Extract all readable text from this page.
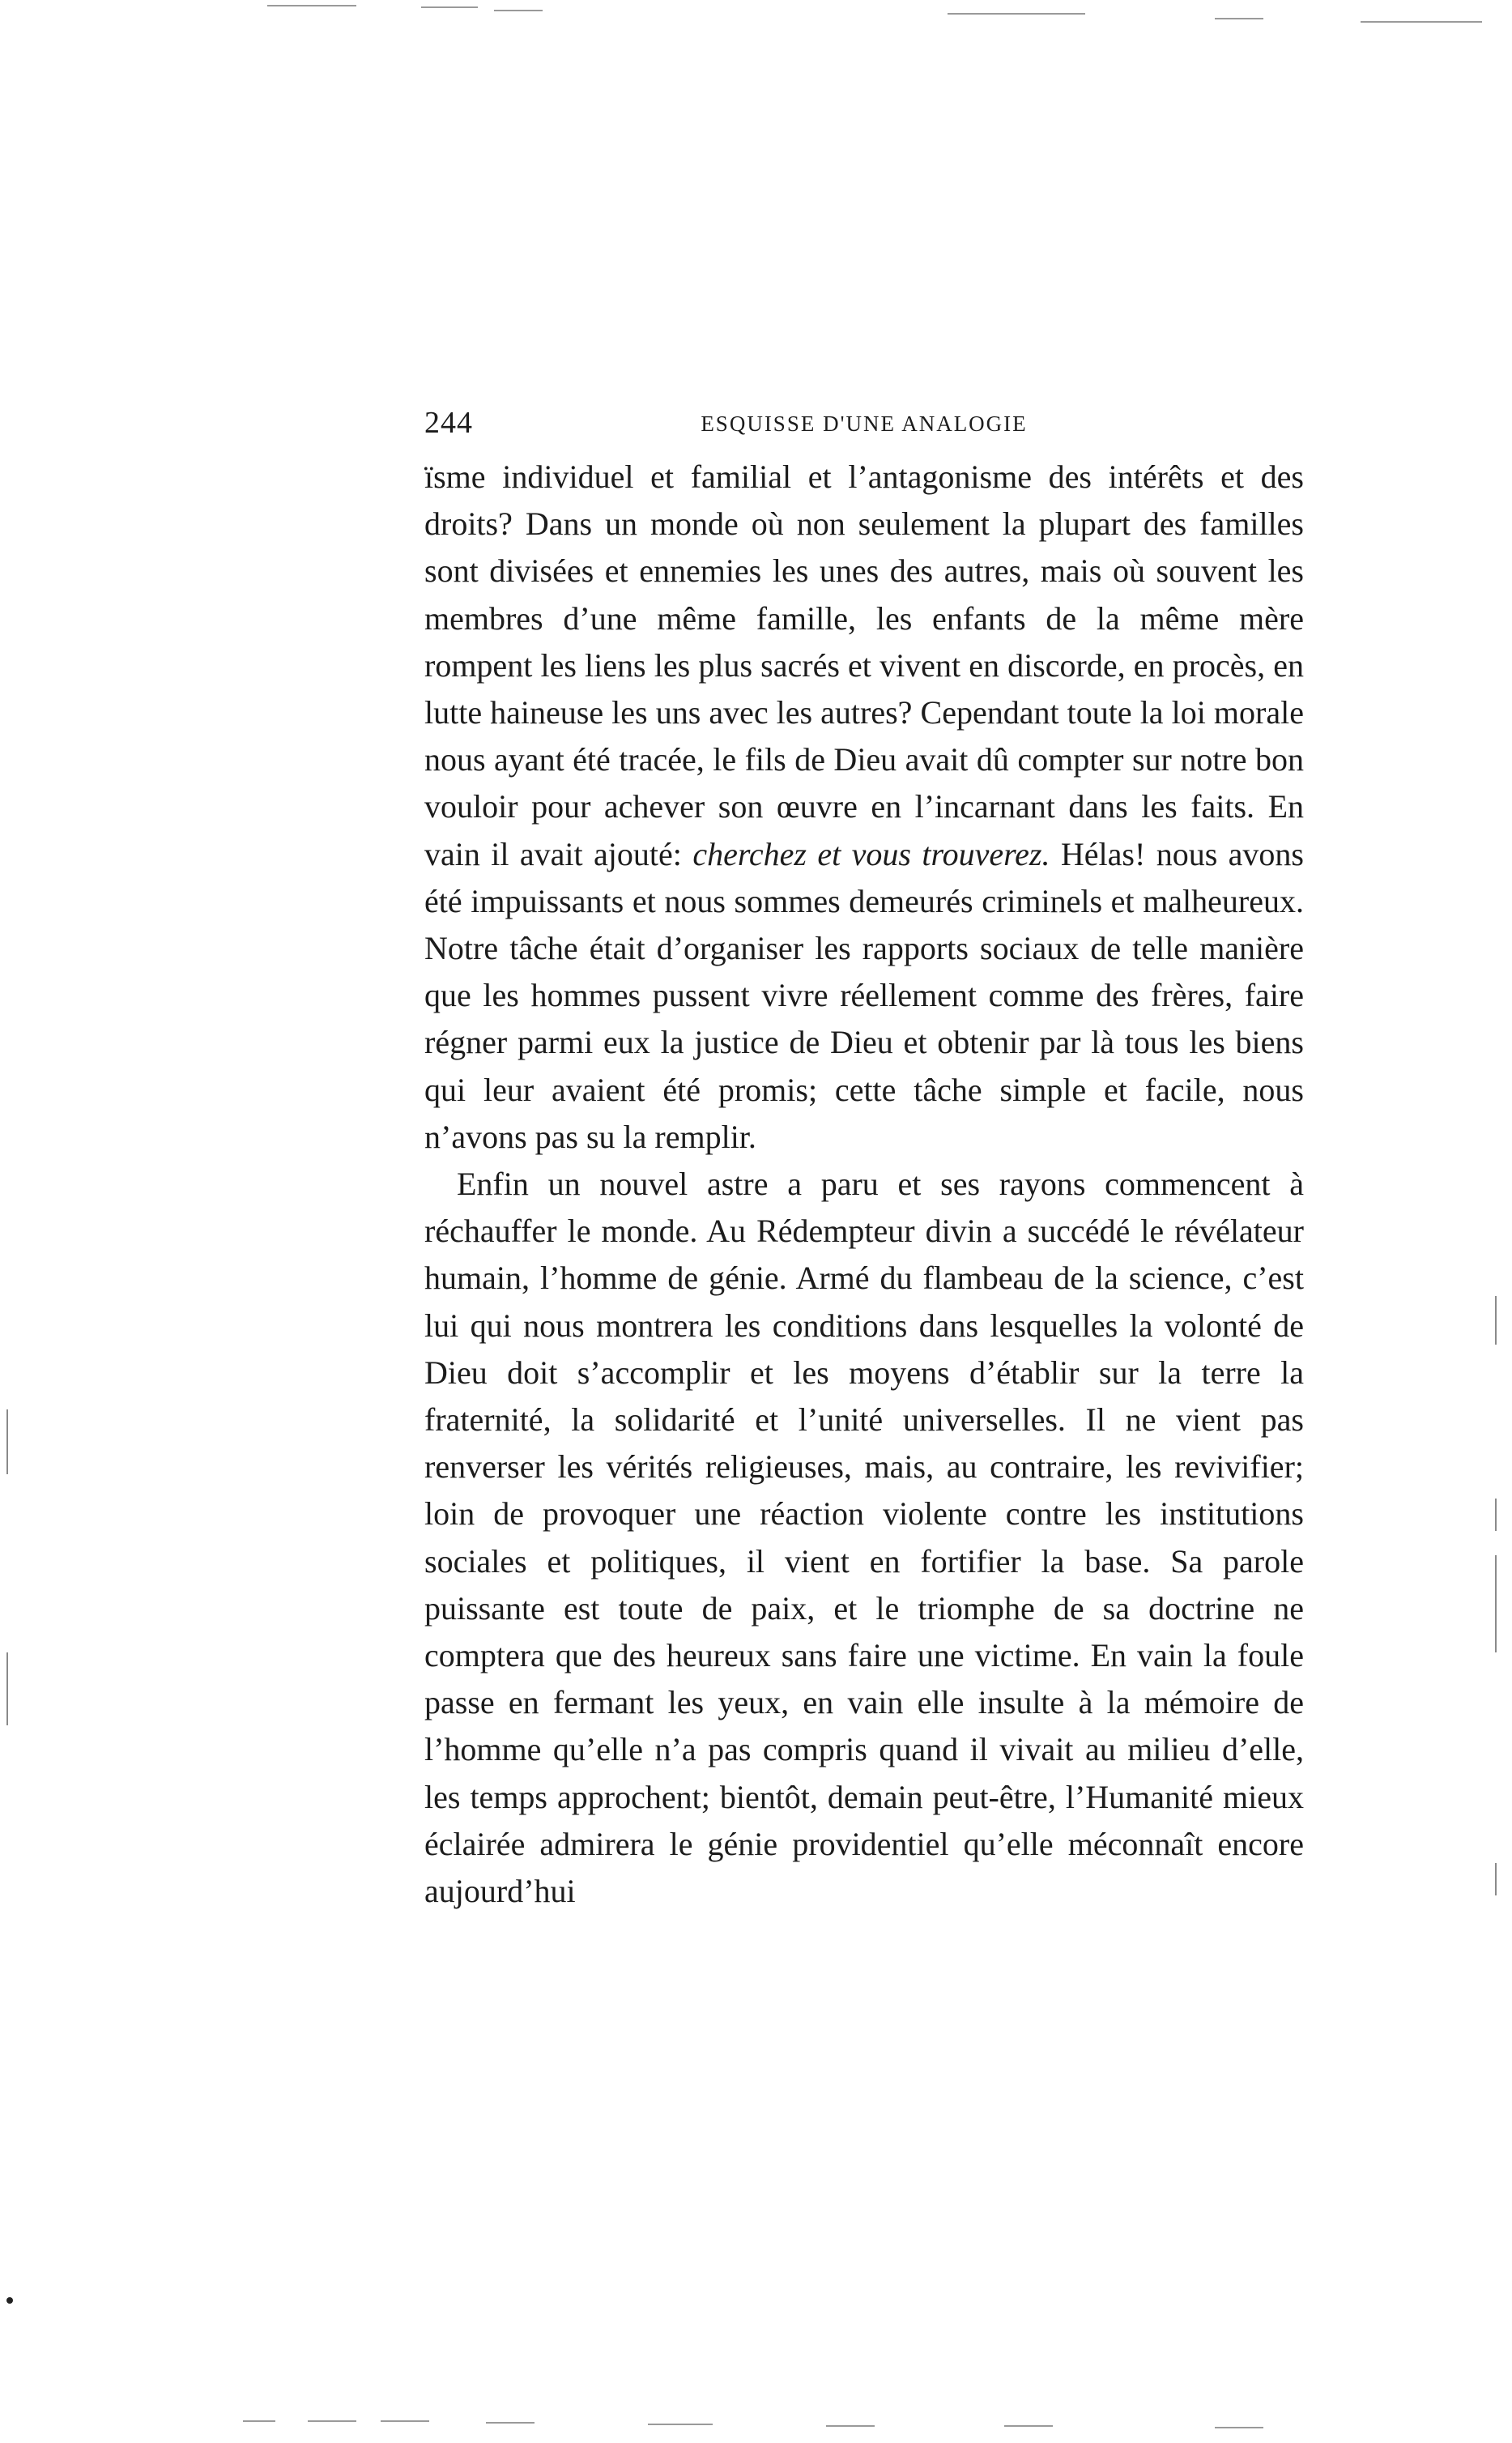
244	ESQUISSE D'UNE ANALOGIE

ïsme individuel et familial et l’antagonisme des intérêts et des droits? Dans un monde où non seulement la plupart des familles sont divisées et ennemies les unes des autres, mais où souvent les membres d’une même famille, les enfants de la même mère rompent les liens les plus sacrés et vivent en discorde, en procès, en lutte haineuse les uns avec les autres? Cependant toute la loi morale nous ayant été tracée, le fils de Dieu avait dû compter sur notre bon vouloir pour achever son œuvre en l’incarnant dans les faits. En vain il avait ajouté: cherchez et vous trouverez. Hélas! nous avons été impuissants et nous sommes demeurés criminels et malheureux. Notre tâche était d’organiser les rapports sociaux de telle manière que les hommes pussent vivre réellement comme des frères, faire régner parmi eux la justice de Dieu et obtenir par là tous les biens qui leur avaient été promis; cette tâche simple et facile, nous n’avons pas su la remplir.

Enfin un nouvel astre a paru et ses rayons commencent à réchauffer le monde. Au Rédempteur divin a succédé le révélateur humain, l’homme de génie. Armé du flambeau de la science, c’est lui qui nous montrera les conditions dans lesquelles la volonté de Dieu doit s’accomplir et les moyens d’établir sur la terre la fraternité, la solidarité et l’unité universelles. Il ne vient pas renverser les vérités religieuses, mais, au contraire, les revivifier; loin de provoquer une réaction violente contre les institutions sociales et politiques, il vient en fortifier la base. Sa parole puissante est toute de paix, et le triomphe de sa doctrine ne comptera que des heureux sans faire une victime. En vain la foule passe en fermant les yeux, en vain elle insulte à la mémoire de l’homme qu’elle n’a pas compris quand il vivait au milieu d’elle, les temps approchent; bientôt, demain peut-être, l’Humanité mieux éclairée admirera le génie providentiel qu’elle méconnaît encore aujourd’hui
